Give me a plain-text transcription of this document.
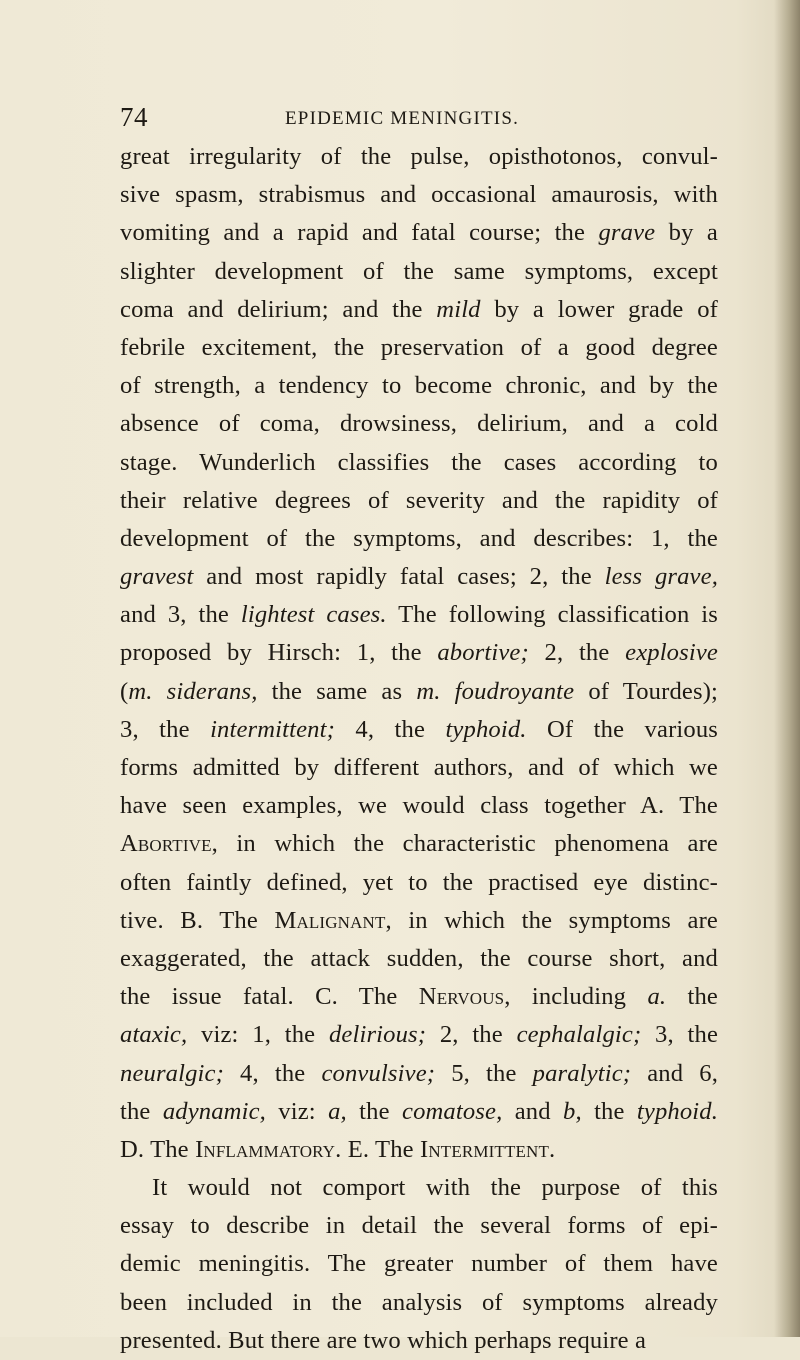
74	EPIDEMIC MENINGITIS.
great irregularity of the pulse, opisthotonos, convul-
sive spasm, strabismus and occasional amaurosis, with
vomiting and a rapid and fatal course; the grave by a
slighter development of the same symptoms, except
coma and delirium; and the mild by a lower grade of
febrile excitement, the preservation of a good degree
of strength, a tendency to become chronic, and by the
absence of coma, drowsiness, delirium, and a cold
stage. Wunderlich classifies the cases according to
their relative degrees of severity and the rapidity of
development of the symptoms, and describes: 1, the
gravest and most rapidly fatal cases; 2, the less grave,
and 3, the lightest cases. The following classification is
proposed by Hirsch: 1, the abortive; 2, the explosive
(m. siderans, the same as m. foudroyante of Tourdes);
3, the intermittent; 4, the typhoid. Of the various
forms admitted by different authors, and of which we
have seen examples, we would class together A. The
Abortive, in which the characteristic phenomena are
often faintly defined, yet to the practised eye distinc-
tive. B. The Malignant, in which the symptoms are
exaggerated, the attack sudden, the course short, and
the issue fatal. C. The Nervous, including a. the
ataxic, viz: 1, the delirious; 2, the cephalalgic; 3, the
neuralgic; 4, the convulsive; 5, the paralytic; and 6,
the adynamic, viz: a, the comatose, and b, the typhoid.
D. The Inflammatory. E. The Intermittent.
It would not comport with the purpose of this
essay to describe in detail the several forms of epi-
demic meningitis. The greater number of them have
been included in the analysis of symptoms already
presented. But there are two which perhaps require a
